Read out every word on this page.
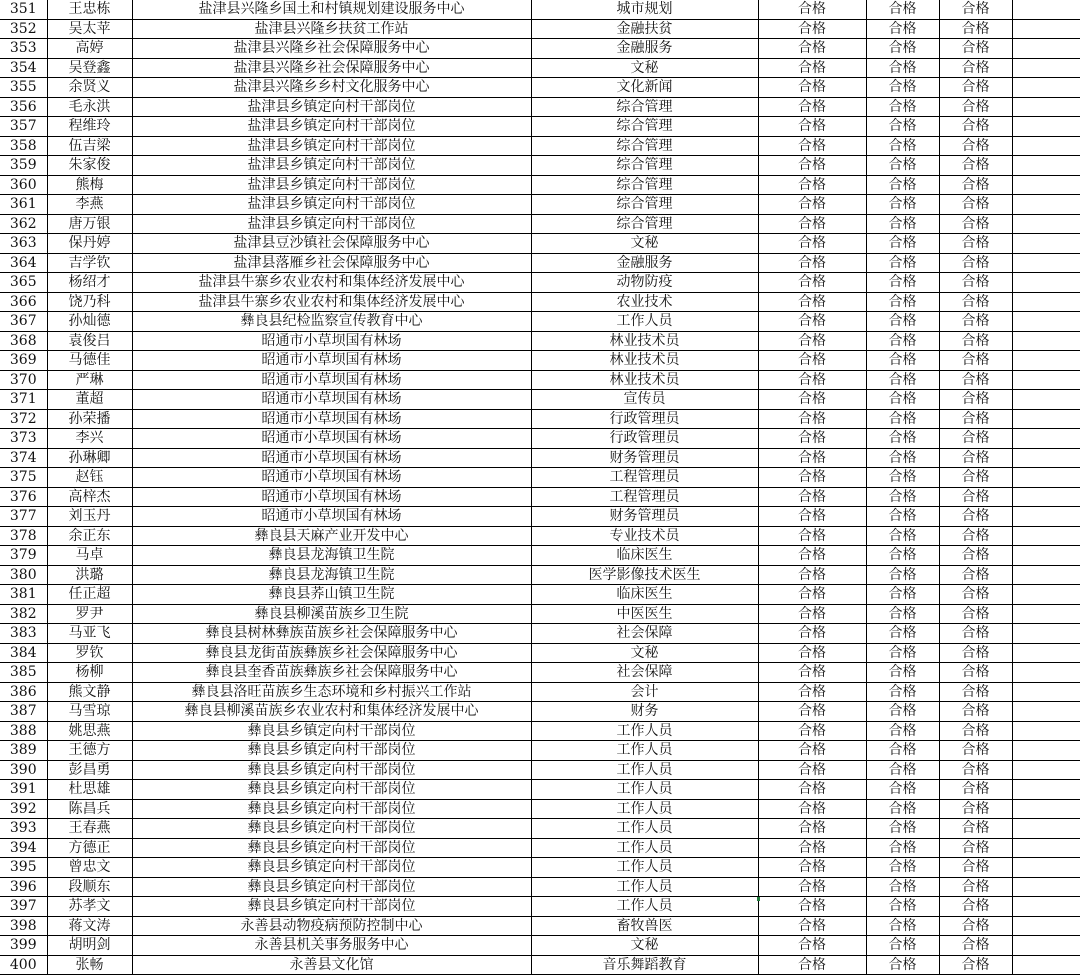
351	王忠栋	盐津县兴隆乡国土和村镇规划建设服务中心	城市规划	合格	合格	合格	
352	吴太苹	盐津县兴隆乡扶贫工作站	金融扶贫	合格	合格	合格	
353	高婷	盐津县兴隆乡社会保障服务中心	金融服务	合格	合格	合格	
354	吴登鑫	盐津县兴隆乡社会保障服务中心	文秘	合格	合格	合格	
355	余贤义	盐津县兴隆乡乡村文化服务中心	文化新闻	合格	合格	合格	
356	毛永洪	盐津县乡镇定向村干部岗位	综合管理	合格	合格	合格	
357	程维玲	盐津县乡镇定向村干部岗位	综合管理	合格	合格	合格	
358	伍吉梁	盐津县乡镇定向村干部岗位	综合管理	合格	合格	合格	
359	朱家俊	盐津县乡镇定向村干部岗位	综合管理	合格	合格	合格	
360	熊梅	盐津县乡镇定向村干部岗位	综合管理	合格	合格	合格	
361	李燕	盐津县乡镇定向村干部岗位	综合管理	合格	合格	合格	
362	唐万银	盐津县乡镇定向村干部岗位	综合管理	合格	合格	合格	
363	保丹婷	盐津县豆沙镇社会保障服务中心	文秘	合格	合格	合格	
364	吉学钦	盐津县落雁乡社会保障服务中心	金融服务	合格	合格	合格	
365	杨绍才	盐津县牛寨乡农业农村和集体经济发展中心	动物防疫	合格	合格	合格	
366	饶乃科	盐津县牛寨乡农业农村和集体经济发展中心	农业技术	合格	合格	合格	
367	孙灿德	彝良县纪检监察宣传教育中心	工作人员	合格	合格	合格	
368	袁俊吕	昭通市小草坝国有林场	林业技术员	合格	合格	合格	
369	马德佳	昭通市小草坝国有林场	林业技术员	合格	合格	合格	
370	严琳	昭通市小草坝国有林场	林业技术员	合格	合格	合格	
371	董超	昭通市小草坝国有林场	宣传员	合格	合格	合格	
372	孙荣播	昭通市小草坝国有林场	行政管理员	合格	合格	合格	
373	李兴	昭通市小草坝国有林场	行政管理员	合格	合格	合格	
374	孙琳卿	昭通市小草坝国有林场	财务管理员	合格	合格	合格	
375	赵钰	昭通市小草坝国有林场	工程管理员	合格	合格	合格	
376	高梓杰	昭通市小草坝国有林场	工程管理员	合格	合格	合格	
377	刘玉丹	昭通市小草坝国有林场	财务管理员	合格	合格	合格	
378	余正东	彝良县天麻产业开发中心	专业技术员	合格	合格	合格	
379	马卓	彝良县龙海镇卫生院	临床医生	合格	合格	合格	
380	洪璐	彝良县龙海镇卫生院	医学影像技术医生	合格	合格	合格	
381	任正超	彝良县荞山镇卫生院	临床医生	合格	合格	合格	
382	罗尹	彝良县柳溪苗族乡卫生院	中医医生	合格	合格	合格	
383	马亚飞	彝良县树林彝族苗族乡社会保障服务中心	社会保障	合格	合格	合格	
384	罗钦	彝良县龙街苗族彝族乡社会保障服务中心	文秘	合格	合格	合格	
385	杨柳	彝良县奎香苗族彝族乡社会保障服务中心	社会保障	合格	合格	合格	
386	熊文静	彝良县洛旺苗族乡生态环境和乡村振兴工作站	会计	合格	合格	合格	
387	马雪琼	彝良县柳溪苗族乡农业农村和集体经济发展中心	财务	合格	合格	合格	
388	姚思燕	彝良县乡镇定向村干部岗位	工作人员	合格	合格	合格	
389	王德方	彝良县乡镇定向村干部岗位	工作人员	合格	合格	合格	
390	彭昌勇	彝良县乡镇定向村干部岗位	工作人员	合格	合格	合格	
391	杜思雄	彝良县乡镇定向村干部岗位	工作人员	合格	合格	合格	
392	陈昌兵	彝良县乡镇定向村干部岗位	工作人员	合格	合格	合格	
393	王春燕	彝良县乡镇定向村干部岗位	工作人员	合格	合格	合格	
394	方德正	彝良县乡镇定向村干部岗位	工作人员	合格	合格	合格	
395	曾忠文	彝良县乡镇定向村干部岗位	工作人员	合格	合格	合格	
396	段顺东	彝良县乡镇定向村干部岗位	工作人员	合格	合格	合格	
397	苏孝文	彝良县乡镇定向村干部岗位	工作人员	合格	合格	合格	
398	蒋文涛	永善县动物疫病预防控制中心	畜牧兽医	合格	合格	合格	
399	胡明剑	永善县机关事务服务中心	文秘	合格	合格	合格	
400	张畅	永善县文化馆	音乐舞蹈教育	合格	合格	合格	
